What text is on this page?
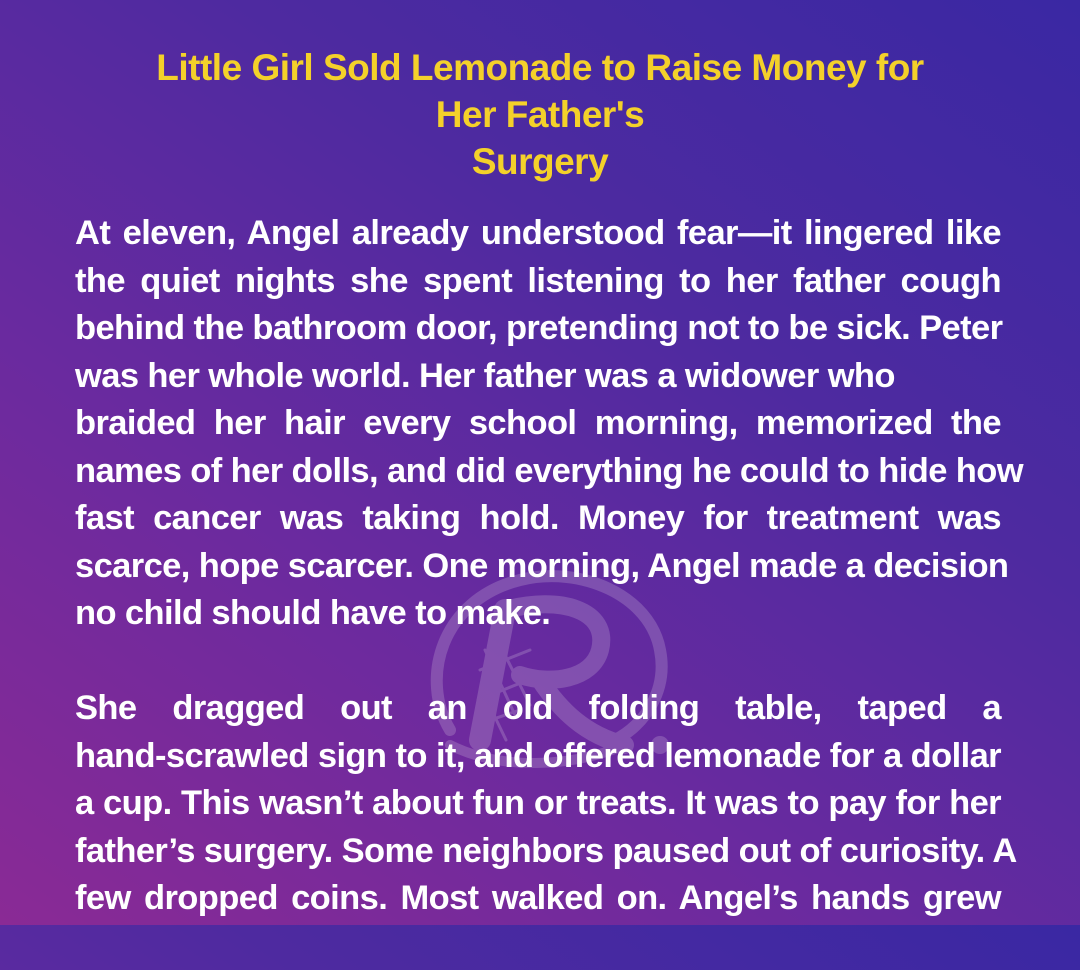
Little Girl Sold Lemonade to Raise Money for
Her Father's
Surgery
At eleven, Angel already understood fear—it lingered like
the quiet nights she spent listening to her father cough
behind the bathroom door, pretending not to be sick. Peter
was her whole world. Her father was a widower who
braided her hair every school morning, memorized the
names of her dolls, and did everything he could to hide how
fast cancer was taking hold. Money for treatment was
scarce, hope scarcer. One morning, Angel made a decision
no child should have to make.
She dragged out an old folding table, taped a
hand-scrawled sign to it, and offered lemonade for a dollar
a cup. This wasn’t about fun or treats. It was to pay for her
father’s surgery. Some neighbors paused out of curiosity. A
few dropped coins. Most walked on. Angel’s hands grew
